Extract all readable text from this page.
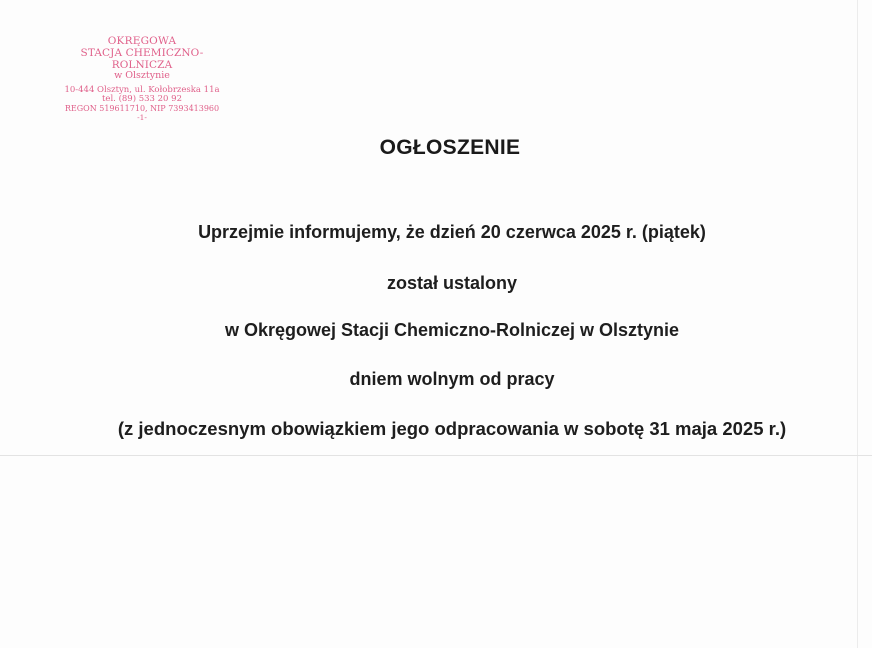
OKRĘGOWA
STACJA CHEMICZNO-ROLNICZA
w Olsztynie
10-444 Olsztyn, ul. Kołobrzeska 11a
tel. (89) 533 20 92
REGON 519611710, NIP 7393413960
-1-
OGŁOSZENIE
Uprzejmie informujemy, że dzień 20 czerwca 2025 r. (piątek)
został ustalony
w Okręgowej Stacji Chemiczno-Rolniczej w Olsztynie
dniem wolnym od pracy
(z jednoczesnym obowiązkiem jego odpracowania w sobotę 31 maja 2025 r.)
